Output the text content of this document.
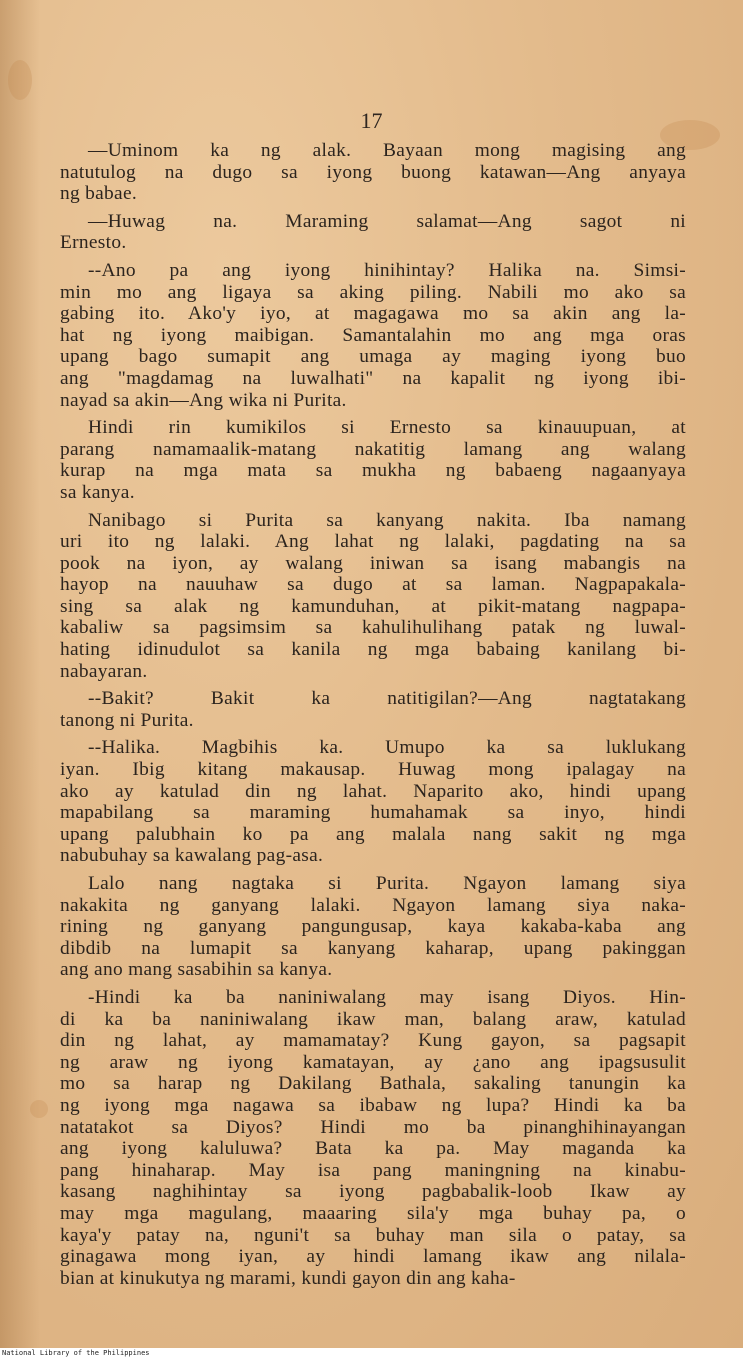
17
—Uminom ka ng alak. Bayaan mong magising ang
natutulog na dugo sa iyong buong katawan—Ang anyaya
ng babae.
—Huwag na. Maraming salamat—Ang sagot ni
Ernesto.
--Ano pa ang iyong hinihintay? Halika na. Simsi-
min mo ang ligaya sa aking piling. Nabili mo ako sa
gabing ito. Ako'y iyo, at magagawa mo sa akin ang la-
hat ng iyong maibigan. Samantalahin mo ang mga oras
upang bago sumapit ang umaga ay maging iyong buo
ang "magdamag na luwalhati" na kapalit ng iyong ibi-
nayad sa akin—Ang wika ni Purita.
Hindi rin kumikilos si Ernesto sa kinauupuan, at
parang namamaalik-matang nakatitig lamang ang walang
kurap na mga mata sa mukha ng babaeng nagaanyaya
sa kanya.
Nanibago si Purita sa kanyang nakita. Iba namang
uri ito ng lalaki. Ang lahat ng lalaki, pagdating na sa
pook na iyon, ay walang iniwan sa isang mabangis na
hayop na nauuhaw sa dugo at sa laman. Nagpapakala-
sing sa alak ng kamunduhan, at pikit-matang nagpapa-
kabaliw sa pagsimsim sa kahulihulihang patak ng luwal-
hating idinudulot sa kanila ng mga babaing kanilang bi-
nabayaran.
--Bakit? Bakit ka natitigilan?—Ang nagtatakang
tanong ni Purita.
--Halika. Magbihis ka. Umupo ka sa luklukang
iyan. Ibig kitang makausap. Huwag mong ipalagay na
ako ay katulad din ng lahat. Naparito ako, hindi upang
mapabilang sa maraming humahamak sa inyo, hindi
upang palubhain ko pa ang malala nang sakit ng mga
nabubuhay sa kawalang pag-asa.
Lalo nang nagtaka si Purita. Ngayon lamang siya
nakakita ng ganyang lalaki. Ngayon lamang siya naka-
rining ng ganyang pangungusap, kaya kakaba-kaba ang
dibdib na lumapit sa kanyang kaharap, upang pakinggan
ang ano mang sasabihin sa kanya.
-Hindi ka ba naniniwalang may isang Diyos. Hin-
di ka ba naniniwalang ikaw man, balang araw, katulad
din ng lahat, ay mamamatay? Kung gayon, sa pagsapit
ng araw ng iyong kamatayan, ay ¿ano ang ipagsusulit
mo sa harap ng Dakilang Bathala, sakaling tanungin ka
ng iyong mga nagawa sa ibabaw ng lupa? Hindi ka ba
natatakot sa Diyos? Hindi mo ba pinanghihinayangan
ang iyong kaluluwa? Bata ka pa. May maganda ka
pang hinaharap. May isa pang maningning na kinabu-
kasang naghihintay sa iyong pagbabalik-loob Ikaw ay
may mga magulang, maaaring sila'y mga buhay pa, o
kaya'y patay na, nguni't sa buhay man sila o patay, sa
ginagawa mong iyan, ay hindi lamang ikaw ang nilala-
bian at kinukutya ng marami, kundi gayon din ang kaha-
National Library of the Philippines
